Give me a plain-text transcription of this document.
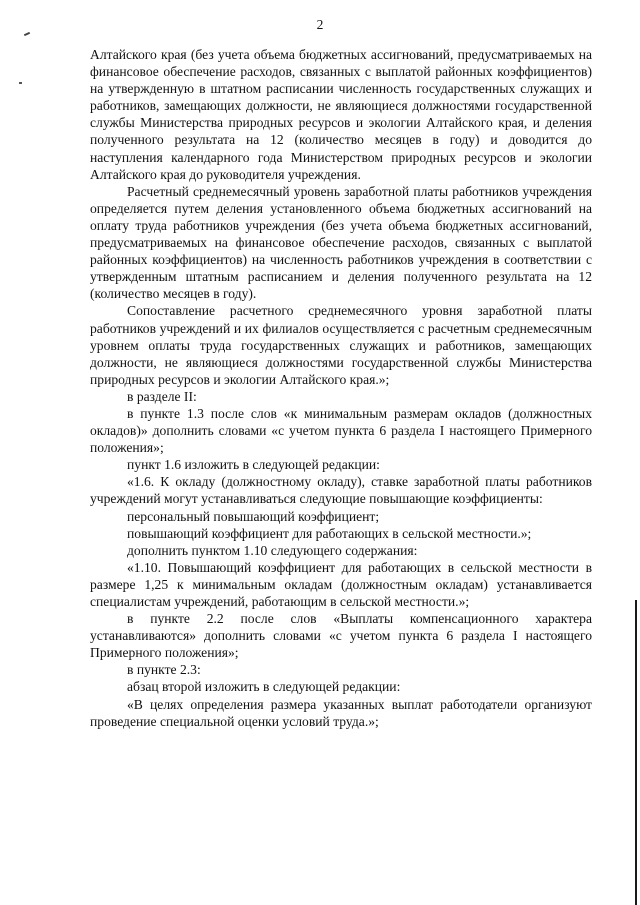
2

Алтайского края (без учета объема бюджетных ассигнований, предусматриваемых на финансовое обеспечение расходов, связанных с выплатой районных коэффициентов) на утвержденную в штатном расписании численность государственных служащих и работников, замещающих должности, не являющиеся должностями государственной службы Министерства природных ресурсов и экологии Алтайского края, и деления полученного результата на 12 (количество месяцев в году) и доводится до наступления календарного года Министерством природных ресурсов и экологии Алтайского края до руководителя учреждения.

Расчетный среднемесячный уровень заработной платы работников учреждения определяется путем деления установленного объема бюджетных ассигнований на оплату труда работников учреждения (без учета объема бюджетных ассигнований, предусматриваемых на финансовое обеспечение расходов, связанных с выплатой районных коэффициентов) на численность работников учреждения в соответствии с утвержденным штатным расписанием и деления полученного результата на 12 (количество месяцев в году).

Сопоставление расчетного среднемесячного уровня заработной платы работников учреждений и их филиалов осуществляется с расчетным среднемесячным уровнем оплаты труда государственных служащих и работников, замещающих должности, не являющиеся должностями государственной службы Министерства природных ресурсов и экологии Алтайского края.»;

в разделе II:

в пункте 1.3 после слов «к минимальным размерам окладов (должностных окладов)» дополнить словами «с учетом пункта 6 раздела I настоящего Примерного положения»;

пункт 1.6 изложить в следующей редакции:

«1.6. К окладу (должностному окладу), ставке заработной платы работников учреждений могут устанавливаться следующие повышающие коэффициенты:

персональный повышающий коэффициент;

повышающий коэффициент для работающих в сельской местности.»;

дополнить пунктом 1.10 следующего содержания:

«1.10. Повышающий коэффициент для работающих в сельской местности в размере 1,25 к минимальным окладам (должностным окладам) устанавливается специалистам учреждений, работающим в сельской местности.»;

в пункте 2.2 после слов «Выплаты компенсационного характера устанавливаются» дополнить словами «с учетом пункта 6 раздела I настоящего Примерного положения»;

в пункте 2.3:

абзац второй изложить в следующей редакции:

«В целях определения размера указанных выплат работодатели организуют проведение специальной оценки условий труда.»;
